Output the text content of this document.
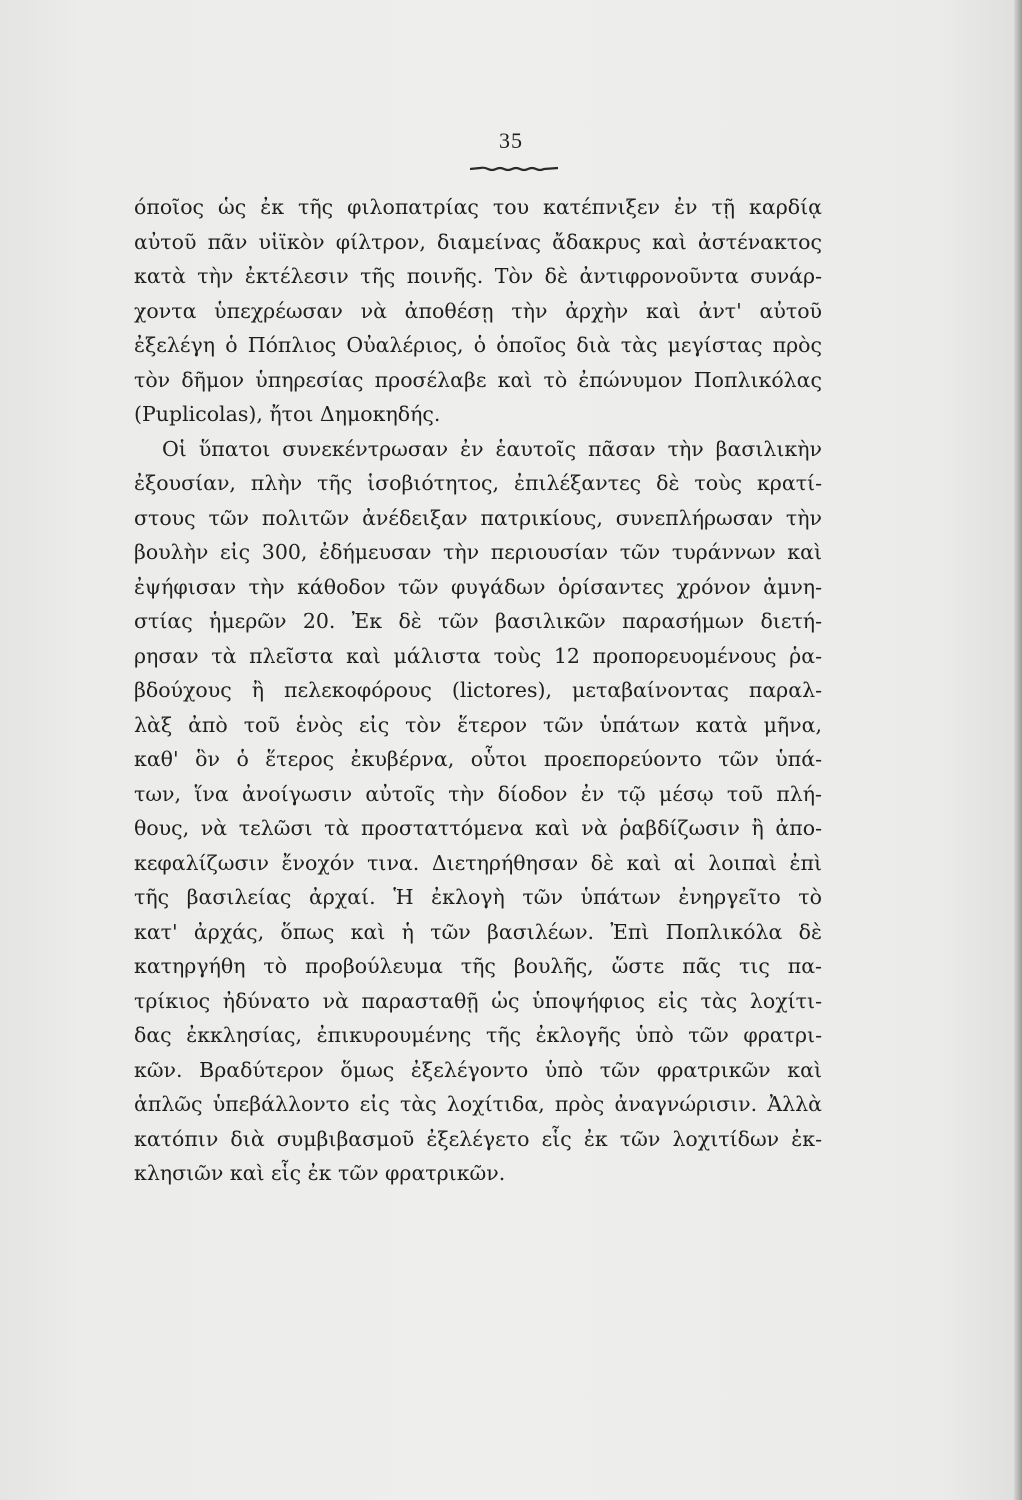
35
όποῖος ὡς ἐκ τῆς φιλοπατρίας του κατέπνιξεν ἐν τῇ καρδίᾳ
αὐτοῦ πᾶν υἱϊκὸν φίλτρον, διαμείνας ἄδακρυς καὶ ἀστένακτος
κατὰ τὴν ἐκτέλεσιν τῆς ποινῆς. Τὸν δὲ ἀντιφρονοῦντα συνάρ-
χοντα ὑπεχρέωσαν νὰ ἀποθέσῃ τὴν ἀρχὴν καὶ ἀντ' αὐτοῦ
ἐξελέγη ὁ Πόπλιος Οὐαλέριος, ὁ ὁποῖος διὰ τὰς μεγίστας πρὸς
τὸν δῆμον ὑπηρεσίας προσέλαβε καὶ τὸ ἐπώνυμον Ποπλικόλας
(Puplicolas), ἤτοι Δημοκηδής.
Οἱ ὕπατοι συνεκέντρωσαν ἐν ἑαυτοῖς πᾶσαν τὴν βασιλικὴν
ἐξουσίαν, πλὴν τῆς ἱσοβιότητος, ἐπιλέξαντες δὲ τοὺς κρατί-
στους τῶν πολιτῶν ἀνέδειξαν πατρικίους, συνεπλήρωσαν τὴν
βουλὴν εἰς 300, ἐδήμευσαν τὴν περιουσίαν τῶν τυράννων καὶ
ἐψήφισαν τὴν κάθοδον τῶν φυγάδων ὁρίσαντες χρόνον ἀμνη-
στίας ἡμερῶν 20. Ἐκ δὲ τῶν βασιλικῶν παρασήμων διετή-
ρησαν τὰ πλεῖστα καὶ μάλιστα τοὺς 12 προπορευομένους ῥα-
βδούχους ἢ πελεκοφόρους (lictores), μεταβαίνοντας παραλ-
λὰξ ἀπὸ τοῦ ἑνὸς εἰς τὸν ἕτερον τῶν ὑπάτων κατὰ μῆνα,
καθ' ὃν ὁ ἕτερος ἐκυβέρνα, οὗτοι προεπορεύοντο τῶν ὑπά-
των, ἵνα ἀνοίγωσιν αὐτοῖς τὴν δίοδον ἐν τῷ μέσῳ τοῦ πλή-
θους, νὰ τελῶσι τὰ προσταττόμενα καὶ νὰ ῥαβδίζωσιν ἢ ἀπο-
κεφαλίζωσιν ἔνοχόν τινα. Διετηρήθησαν δὲ καὶ αἱ λοιπαὶ ἐπὶ
τῆς βασιλείας ἀρχαί. Ἡ ἐκλογὴ τῶν ὑπάτων ἐνηργεῖτο τὸ
κατ' ἀρχάς, ὅπως καὶ ἡ τῶν βασιλέων. Ἐπὶ Ποπλικόλα δὲ
κατηργήθη τὸ προβούλευμα τῆς βουλῆς, ὥστε πᾶς τις πα-
τρίκιος ἠδύνατο νὰ παρασταθῇ ὡς ὑποψήφιος εἰς τὰς λοχίτι-
δας ἐκκλησίας, ἐπικυρουμένης τῆς ἐκλογῆς ὑπὸ τῶν φρατρι-
κῶν. Βραδύτερον ὅμως ἐξελέγοντο ὑπὸ τῶν φρατρικῶν καὶ
ἁπλῶς ὑπεβάλλοντο εἰς τὰς λοχίτιδα, πρὸς ἀναγνώρισιν. Ἀλλὰ
κατόπιν διὰ συμβιβασμοῦ ἐξελέγετο εἷς ἐκ τῶν λοχιτίδων ἐκ-
κλησιῶν καὶ εἷς ἐκ τῶν φρατρικῶν.
